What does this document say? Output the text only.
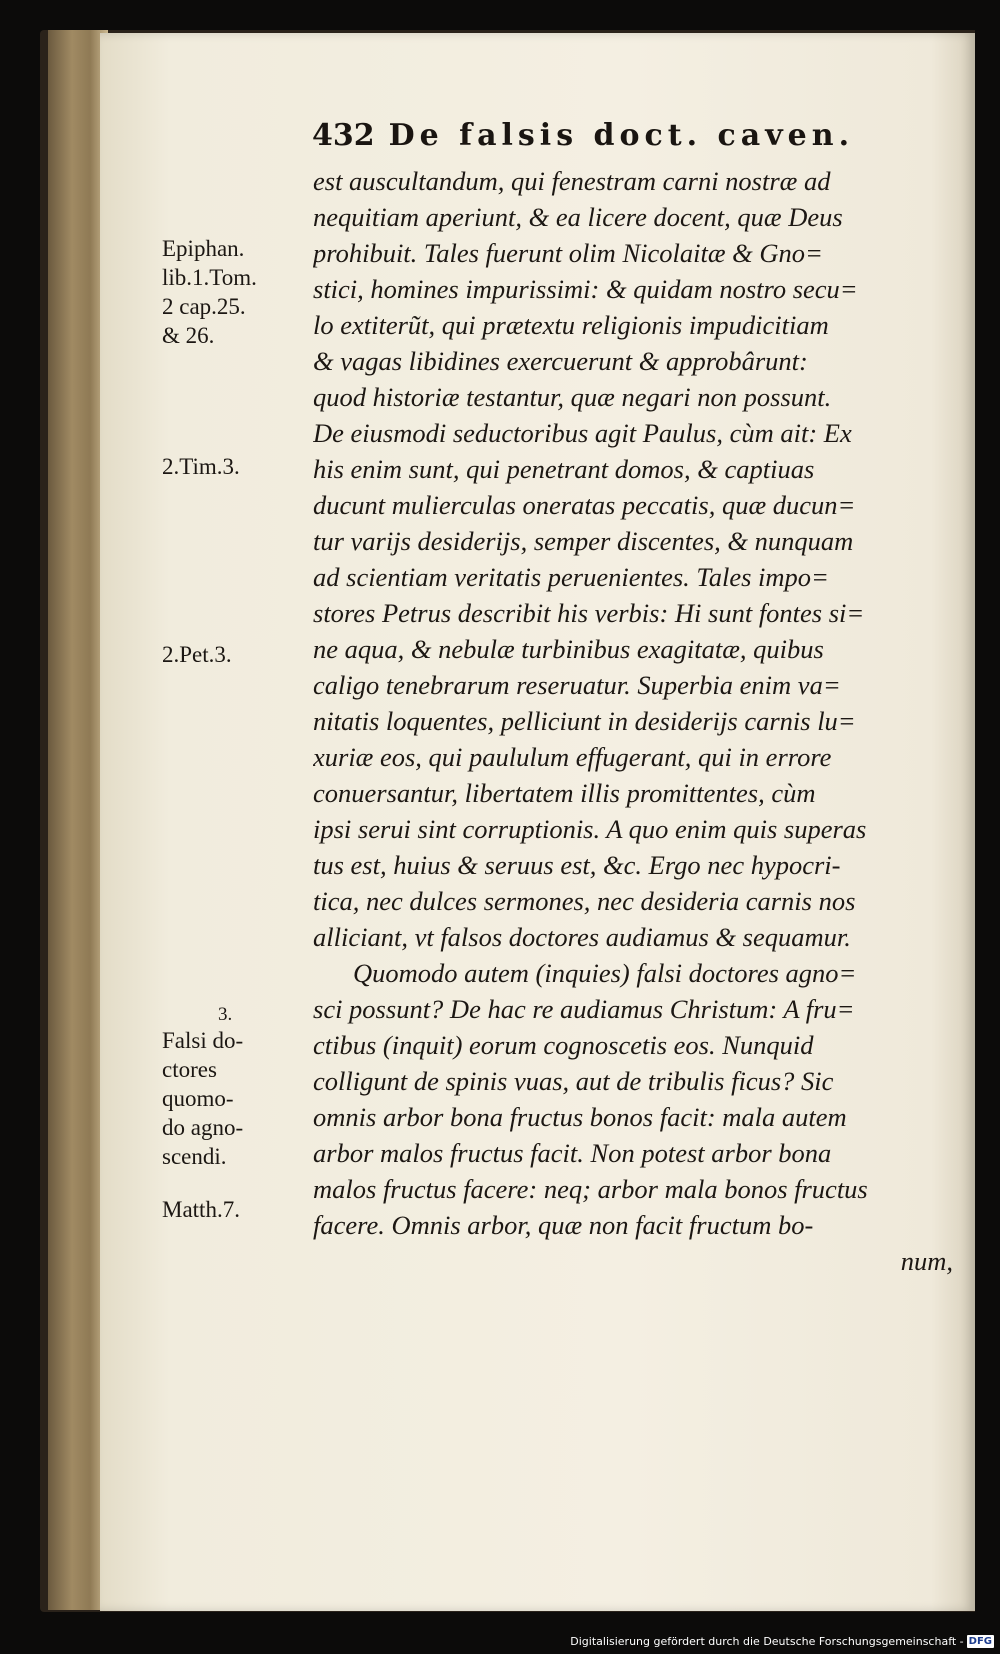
432 De falsis doct. caven.
est auscultandum, qui fenestram carni nostræ ad
nequitiam aperiunt, & ea licere docent, quæ Deus
prohibuit. Tales fuerunt olim Nicolaitæ & Gno=
stici, homines impurissimi: & quidam nostro secu=
lo extiterũt, qui prætextu religionis impudicitiam
& vagas libidines exercuerunt & approbârunt:
quod historiæ testantur, quæ negari non possunt.
De eiusmodi seductoribus agit Paulus, cùm ait: Ex
his enim sunt, qui penetrant domos, & captiuas
ducunt mulierculas oneratas peccatis, quæ ducun=
tur varijs desiderijs, semper discentes, & nunquam
ad scientiam veritatis peruenientes. Tales impo=
stores Petrus describit his verbis: Hi sunt fontes si=
ne aqua, & nebulæ turbinibus exagitatæ, quibus
caligo tenebrarum reseruatur. Superbia enim va=
nitatis loquentes, pelliciunt in desiderijs carnis lu=
xuriæ eos, qui paululum effugerant, qui in errore
conuersantur, libertatem illis promittentes, cùm
ipsi serui sint corruptionis. A quo enim quis superas
tus est, huius & seruus est, &c. Ergo nec hypocri-
tica, nec dulces sermones, nec desideria carnis nos
alliciant, vt falsos doctores audiamus & sequamur.
Quomodo autem (inquies) falsi doctores agno=
sci possunt? De hac re audiamus Christum: A fru=
ctibus (inquit) eorum cognoscetis eos. Nunquid
colligunt de spinis vuas, aut de tribulis ficus? Sic
omnis arbor bona fructus bonos facit: mala autem
arbor malos fructus facit. Non potest arbor bona
malos fructus facere: neq; arbor mala bonos fructus
facere. Omnis arbor, quæ non facit fructum bo-
num,
Epiphan.
lib.1.Tom.
2 cap.25.
& 26.
2.Tim.3.
2.Pet.3.
3.
Falsi do-
ctores
quomo-
do agno-
scendi.
Matth.7.
Digitalisierung gefördert durch die Deutsche Forschungsgemeinschaft - DFG
